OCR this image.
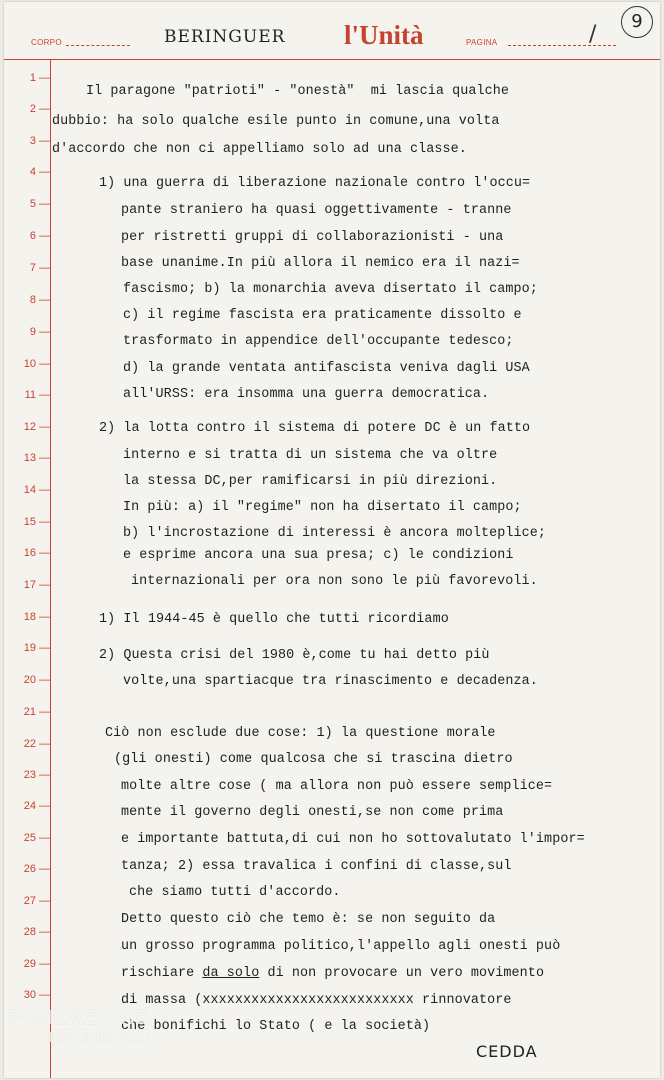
CORPO	BERINGUER l'Unità	PAGINA	/
9
1 —
2 —
3 —
4 —
5 —
6 —
7 —
8 —
9 —
10 —
11 —
12 —
13 —
14 —
15 —
16 —
17 —
18 —
19 —
20 —
21 —
22 —
23 —
24 —
25 —
26 —
27 —
28 —
29 —
30 —
Il paragone "patrioti" - "onestà"  mi lascia qualche
dubbio: ha solo qualche esile punto in comune,una volta
d'accordo che non ci appelliamo solo ad una classe.
1) una guerra di liberazione nazionale contro l'occu=
pante straniero ha quasi oggettivamente - tranne
per ristretti gruppi di collaborazionisti - una
base unanime.In più allora il nemico era il nazi=
fascismo; b) la monarchia aveva disertato il campo;
c) il regime fascista era praticamente dissolto e
trasformato in appendice dell'occupante tedesco;
d) la grande ventata antifascista veniva dagli USA
all'URSS: era insomma una guerra democratica.
2) la lotta contro il sistema di potere DC è un fatto
interno e si tratta di un sistema che va oltre
la stessa DC,per ramificarsi in più direzioni.
In più: a) il "regime" non ha disertato il campo;
b) l'incrostazione di interessi è ancora molteplice;
e esprime ancora una sua presa; c) le condizioni
internazionali per ora non sono le più favorevoli.
1) Il 1944-45 è quello che tutti ricordiamo
2) Questa crisi del 1980 è,come tu hai detto più
volte,una spartiacque tra rinascimento e decadenza.
Ciò non esclude due cose: 1) la questione morale
(gli onesti) come qualcosa che si trascina dietro
molte altre cose ( ma allora non può essere semplice=
mente il governo degli onesti,se non come prima
e importante battuta,di cui non ho sottovalutato l'impor=
tanza; 2) essa travalica i confini di classe,sul
che siamo tutti d'accordo.
Detto questo ciò che temo è: se non seguito da
un grosso programma politico,l'appello agli onesti può
rischiare da solo di non provocare un vero movimento
di massa (xxxxxxxxxxxxxxxxxxxxxxxxxx rinnovatore
che bonifichi lo Stato ( e la società)
CEDDA
FONDAZIONE
GRAMSCI
